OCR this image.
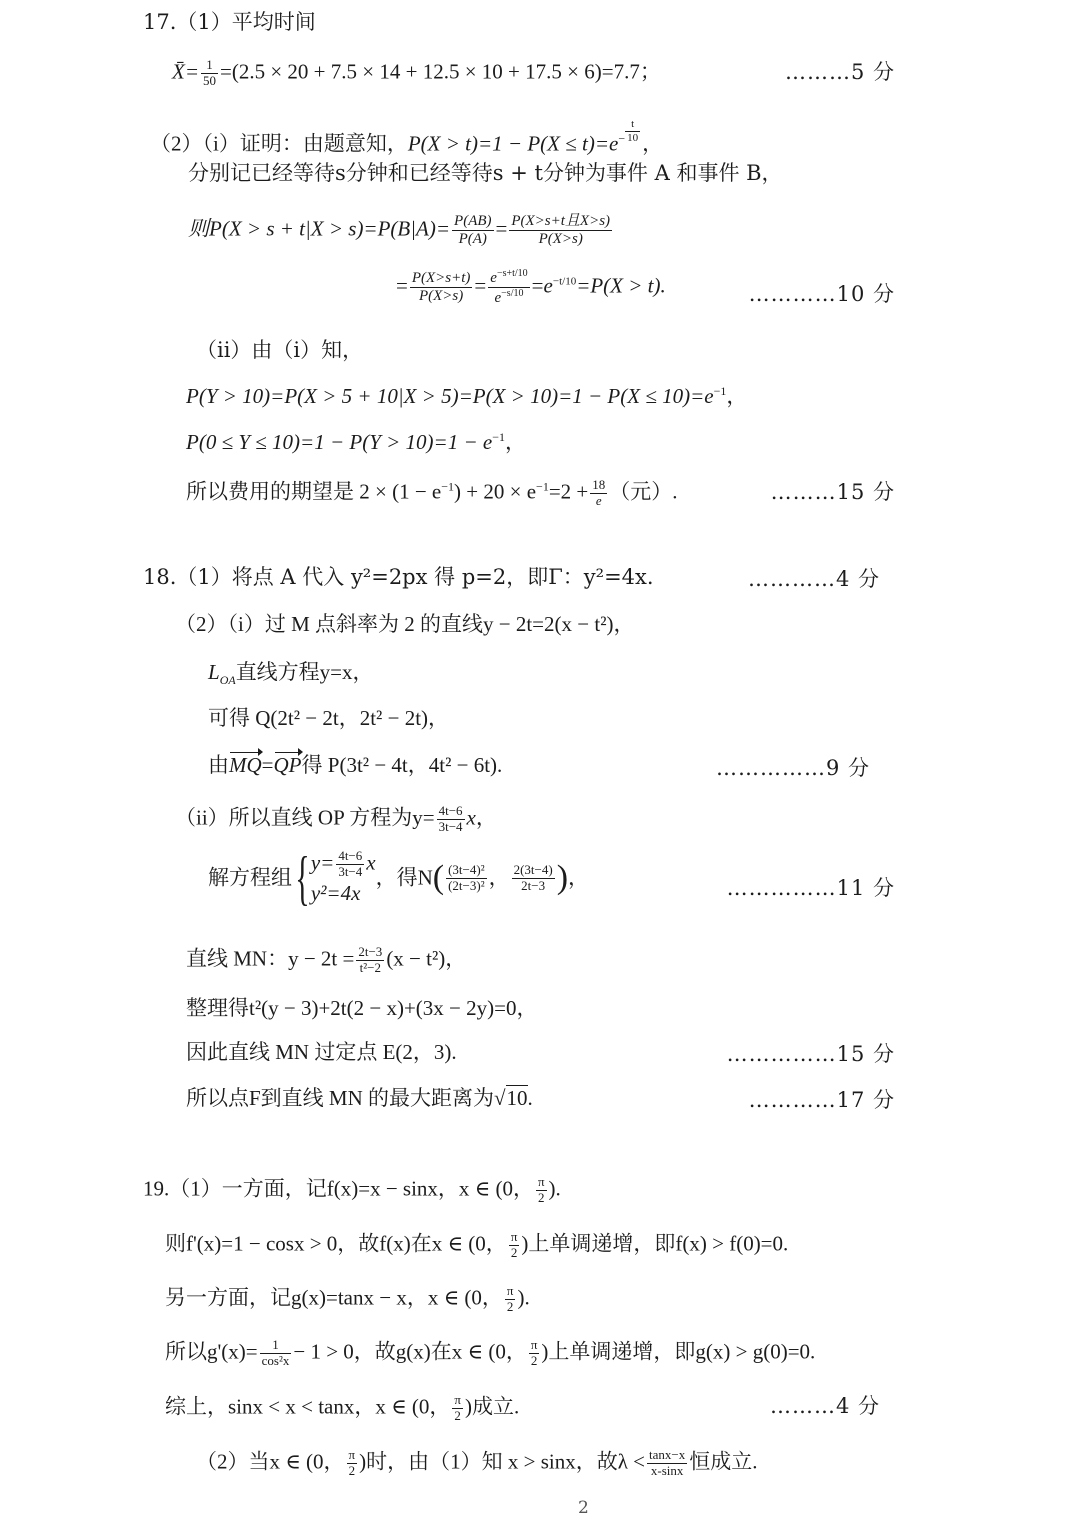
17.（1）平均时间
X̄= $\frac{1}{50} =(2.5 \times 20 + 7.5 \times 14 + 12.5 \times 10 + 17.5 \times 6)=7.7$；	………5 分
（2）（i）证明：由题意知，$P(X > t)=1 - P(X \le t)=e^- \frac{t}{10}$ ，
分别记已经等待s分钟和已经等待s + t分钟为事件 A 和事件 B，
则$P(X > s + t|X > s)=P(B|A)= \frac{P(AB)}{P(A)} = P(X>s+t$且X>s)
P(X>s)
= $\frac{P(X>s+t)}{P(X>s)} = \frac{e^{-s+t/10}}{e^{-s/10}} =e^{-t/10}=P(X > t)$.	…………10 分
（ii）由（i）知，
$P(Y > 10)=P(X > 5 + 10|X > 5)=P(X > 10)=1 - P(X \le 10)=e^{-1}$，
$P(0 \le Y \le 10)=1 - P(Y > 10)=1 - e^{-1}$，
所以费用的期望是 $2 \times (1 - e^{-1}) + 20 \times e^{-1}=2 + \frac{18}{e}$ （元）.	………15 分
18.（1）将点 A 代入 y²=2px 得 p=2，即Γ：y²=4x.	…………4 分
（2）（i）过 M 点斜率为 2 的直线y − 2t=2(x − t²)，
$L_{OA}$直线方程y=x，
可得 Q(2t² − 2t，2t² − 2t)，
由MQ=QP得 P(3t² − 4t，4t² − 6t).	……………9 分
（ii）所以直线 OP 方程为$y= \frac{4t-6}{3t-4}$ x，
解方程组{ $y= \frac{4t-6}{3t-4}$ x
y²=4x
，得$N( \frac{\text{(3t−4)²}}{\text{(2t−3)²}}$ ， $\frac{2(3t-4)}{2t-3}$ )，	……………11 分
直线 MN：$y - 2t = \frac{2t-3}{\text{t²−2}} (x - t^2)$，
整理得t²(y − 3)+2t(2 − x)+(3x − 2y)=0，
因此直线 MN 过定点 E(2，3).	……………15 分
所以点F到直线 MN 的最大距离为√10.	…………17 分
19.（1）一方面，记f(x)=x − sinx，x ∈ (0， $\frac{\pi}{2}$ ).
则f'(x)=1 − cosx > 0，故f(x)在x ∈ (0， $\frac{\pi}{2}$ )上单调递增，即f(x) > f(0)=0.
另一方面，记g(x)=tanx − x，x ∈ (0， $\frac{\pi}{2}$ ).
所以$g'(x)= \frac{1}{\text{cos²x}} - 1 > 0$，故g(x)在x ∈ (0， $\frac{\pi}{2}$ )上单调递增，即g(x) > g(0)=0.
综上，sinx < x < tanx，x ∈ (0， $\frac{\pi}{2}$ )成立.	………4 分
（2）当x ∈ (0， $\frac{\pi}{2}$ )时，由（1）知 x > sinx，故$\lambda < \frac{\tan x-x}{x-\sin x}$ 恒成立.
2
